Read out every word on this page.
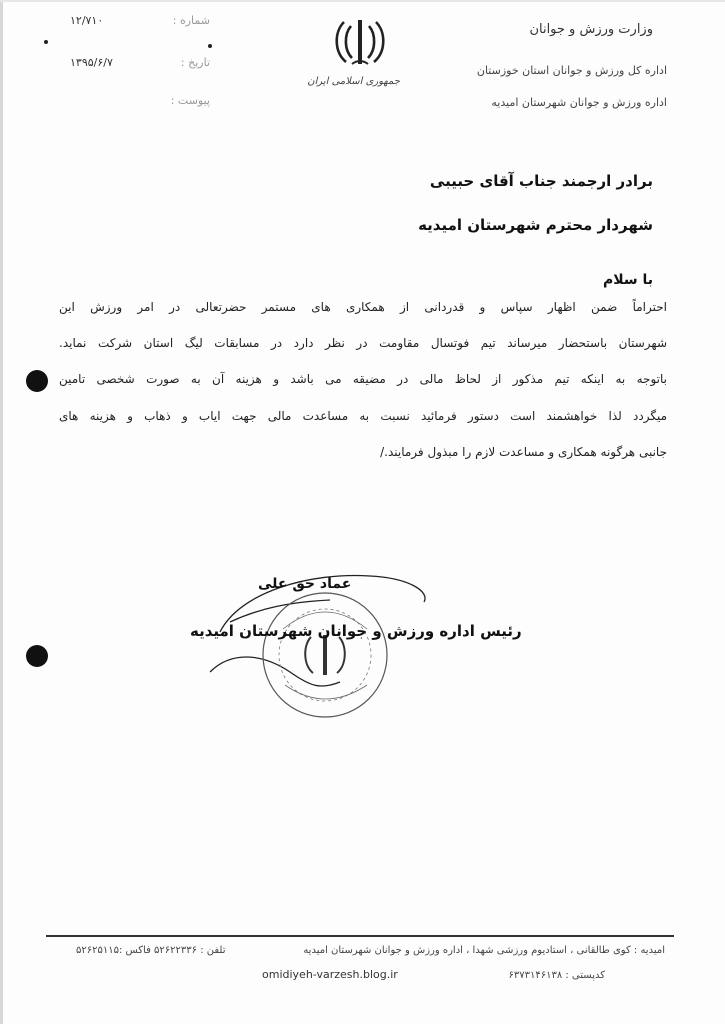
وزارت ورزش و جوانان
اداره کل ورزش و جوانان استان خوزستان
اداره ورزش و جوانان شهرستان امیدیه
جمهوری اسلامی ایران
شماره :
۱۲/۷۱۰
تاریخ :
۱۳۹۵/۶/۷
پیوست :
برادر ارجمند جناب آقای حبیبی
شهردار محترم شهرستان امیدیه
با سلام
احتراماً ضمن اظهار سپاس و قدردانی از همکاری های مستمر حضرتعالی در امر ورزش این
شهرستان باستحضار میرساند تیم فوتسال مقاومت در نظر دارد در مسابقات لیگ استان شرکت نماید.
باتوجه به اینکه تیم مذکور از لحاظ مالی در مضیقه می باشد و هزینه آن به صورت شخصی تامین
میگردد لذا خواهشمند است دستور فرمائید نسبت به مساعدت مالی جهت ایاب و ذهاب و هزینه های
جانبی هرگونه همکاری و مساعدت لازم را مبذول فرمایند./
عماد حق علی
رئیس اداره ورزش و جوانان شهرستان امیدیه
امیدیه : کوی طالقانی ، استادیوم ورزشی شهدا ، اداره ورزش و جوانان شهرستان امیدیه
تلفن : ۵۲۶۲۲۳۳۶ فاکس :۵۲۶۲۵۱۱۵
کدپستی : ۶۳۷۳۱۴۶۱۳۸
omidiyeh-varzesh.blog.ir
